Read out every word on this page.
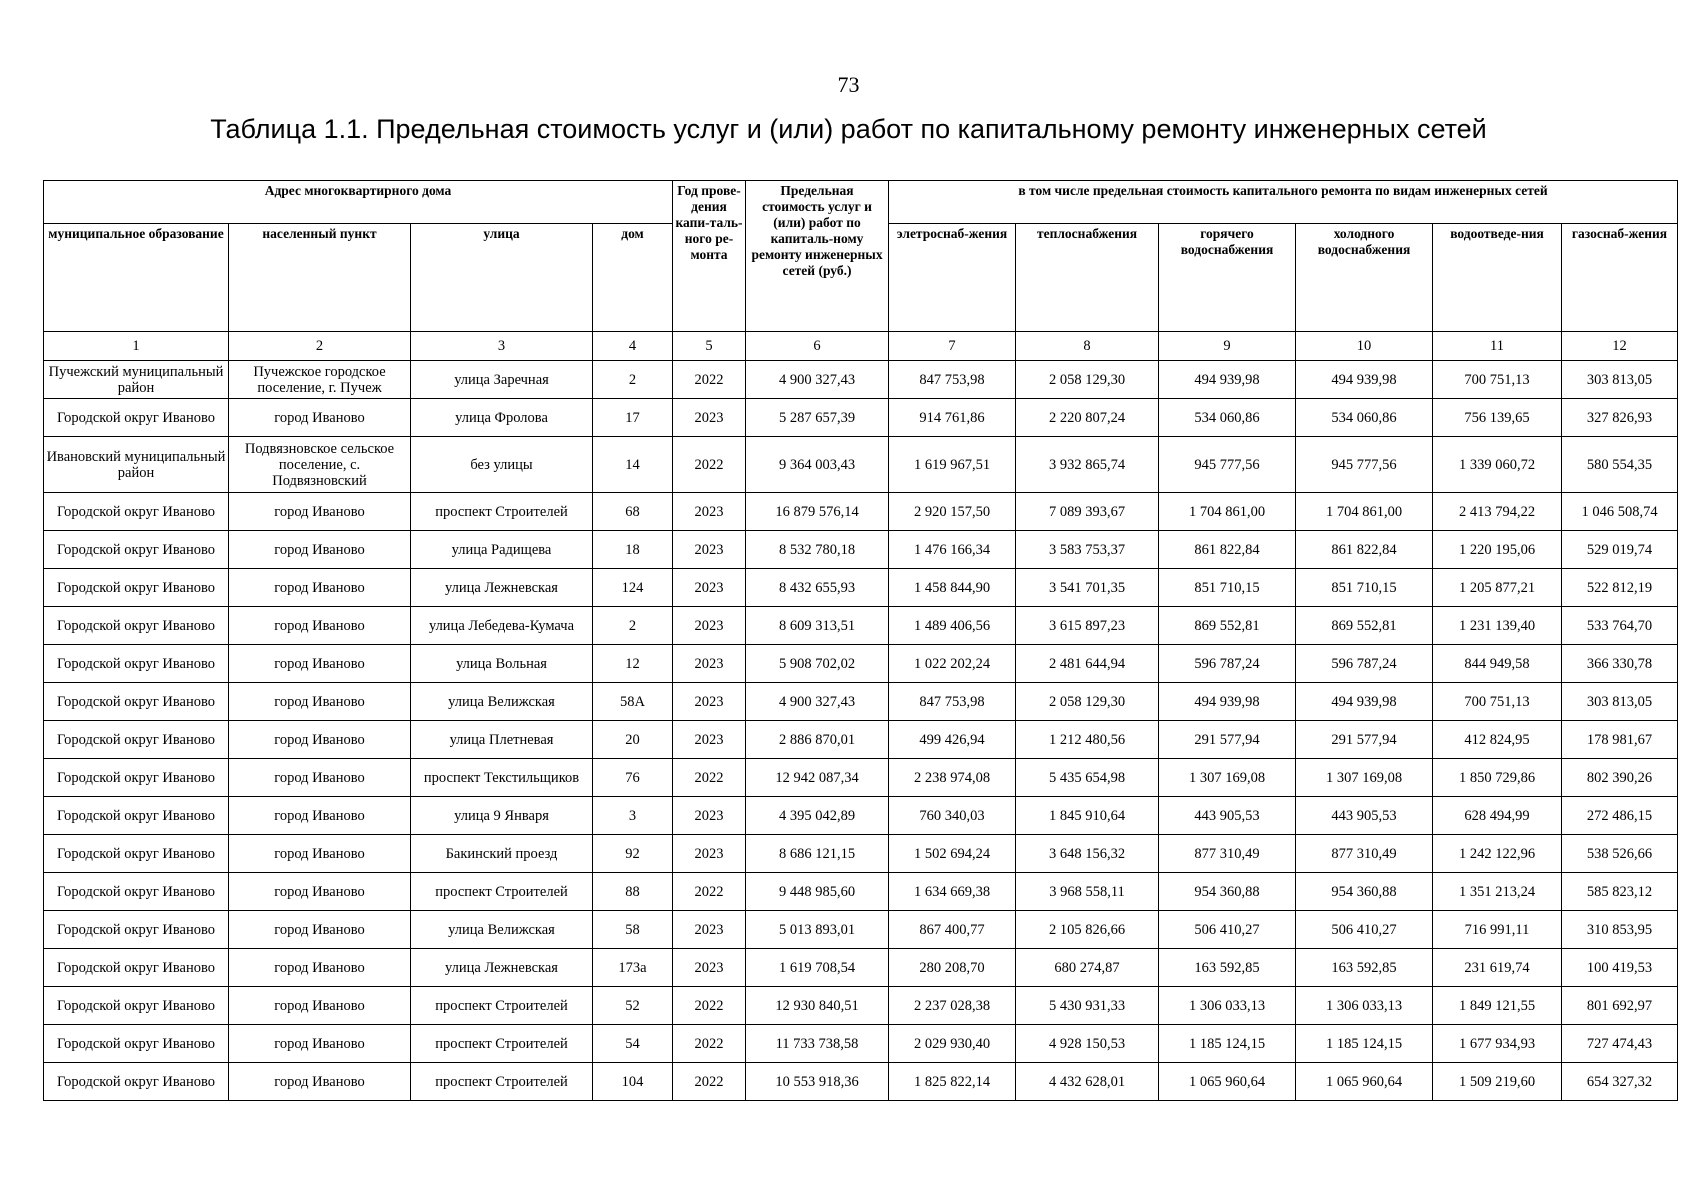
73
Таблица 1.1. Предельная стоимость услуг и (или) работ по капитальному ремонту инженерных сетей
Адрес многоквартирного дома				Год прове-дения капи-таль-ного ре-монта	Предельная стоимость услуг и (или) работ по капиталь-ному ремонту инженерных сетей (руб.)	в том числе предельная стоимость капитального ремонта по видам инженерных сетей					
муниципальное образование	населенный пункт	улица	дом			элетроснаб-жения	теплоснабжения	горячего водоснабжения	холодного водоснабжения	водоотведе-ния	газоснаб-жения
1	2	3	4	5	6	7	8	9	10	11	12
Пучежский муниципальный район	Пучежское городское поселение, г. Пучеж	улица Заречная	2	2022	4 900 327,43	847 753,98	2 058 129,30	494 939,98	494 939,98	700 751,13	303 813,05
Городской округ Иваново	город Иваново	улица Фролова	17	2023	5 287 657,39	914 761,86	2 220 807,24	534 060,86	534 060,86	756 139,65	327 826,93
Ивановский муниципальный район	Подвязновское сельское поселение, с. Подвязновский	без улицы	14	2022	9 364 003,43	1 619 967,51	3 932 865,74	945 777,56	945 777,56	1 339 060,72	580 554,35
Городской округ Иваново	город Иваново	проспект Строителей	68	2023	16 879 576,14	2 920 157,50	7 089 393,67	1 704 861,00	1 704 861,00	2 413 794,22	1 046 508,74
Городской округ Иваново	город Иваново	улица Радищева	18	2023	8 532 780,18	1 476 166,34	3 583 753,37	861 822,84	861 822,84	1 220 195,06	529 019,74
Городской округ Иваново	город Иваново	улица Лежневская	124	2023	8 432 655,93	1 458 844,90	3 541 701,35	851 710,15	851 710,15	1 205 877,21	522 812,19
Городской округ Иваново	город Иваново	улица Лебедева-Кумача	2	2023	8 609 313,51	1 489 406,56	3 615 897,23	869 552,81	869 552,81	1 231 139,40	533 764,70
Городской округ Иваново	город Иваново	улица Вольная	12	2023	5 908 702,02	1 022 202,24	2 481 644,94	596 787,24	596 787,24	844 949,58	366 330,78
Городской округ Иваново	город Иваново	улица Велижская	58А	2023	4 900 327,43	847 753,98	2 058 129,30	494 939,98	494 939,98	700 751,13	303 813,05
Городской округ Иваново	город Иваново	улица Плетневая	20	2023	2 886 870,01	499 426,94	1 212 480,56	291 577,94	291 577,94	412 824,95	178 981,67
Городской округ Иваново	город Иваново	проспект Текстильщиков	76	2022	12 942 087,34	2 238 974,08	5 435 654,98	1 307 169,08	1 307 169,08	1 850 729,86	802 390,26
Городской округ Иваново	город Иваново	улица 9 Января	3	2023	4 395 042,89	760 340,03	1 845 910,64	443 905,53	443 905,53	628 494,99	272 486,15
Городской округ Иваново	город Иваново	Бакинский проезд	92	2023	8 686 121,15	1 502 694,24	3 648 156,32	877 310,49	877 310,49	1 242 122,96	538 526,66
Городской округ Иваново	город Иваново	проспект Строителей	88	2022	9 448 985,60	1 634 669,38	3 968 558,11	954 360,88	954 360,88	1 351 213,24	585 823,12
Городской округ Иваново	город Иваново	улица Велижская	58	2023	5 013 893,01	867 400,77	2 105 826,66	506 410,27	506 410,27	716 991,11	310 853,95
Городской округ Иваново	город Иваново	улица Лежневская	173а	2023	1 619 708,54	280 208,70	680 274,87	163 592,85	163 592,85	231 619,74	100 419,53
Городской округ Иваново	город Иваново	проспект Строителей	52	2022	12 930 840,51	2 237 028,38	5 430 931,33	1 306 033,13	1 306 033,13	1 849 121,55	801 692,97
Городской округ Иваново	город Иваново	проспект Строителей	54	2022	11 733 738,58	2 029 930,40	4 928 150,53	1 185 124,15	1 185 124,15	1 677 934,93	727 474,43
Городской округ Иваново	город Иваново	проспект Строителей	104	2022	10 553 918,36	1 825 822,14	4 432 628,01	1 065 960,64	1 065 960,64	1 509 219,60	654 327,32
